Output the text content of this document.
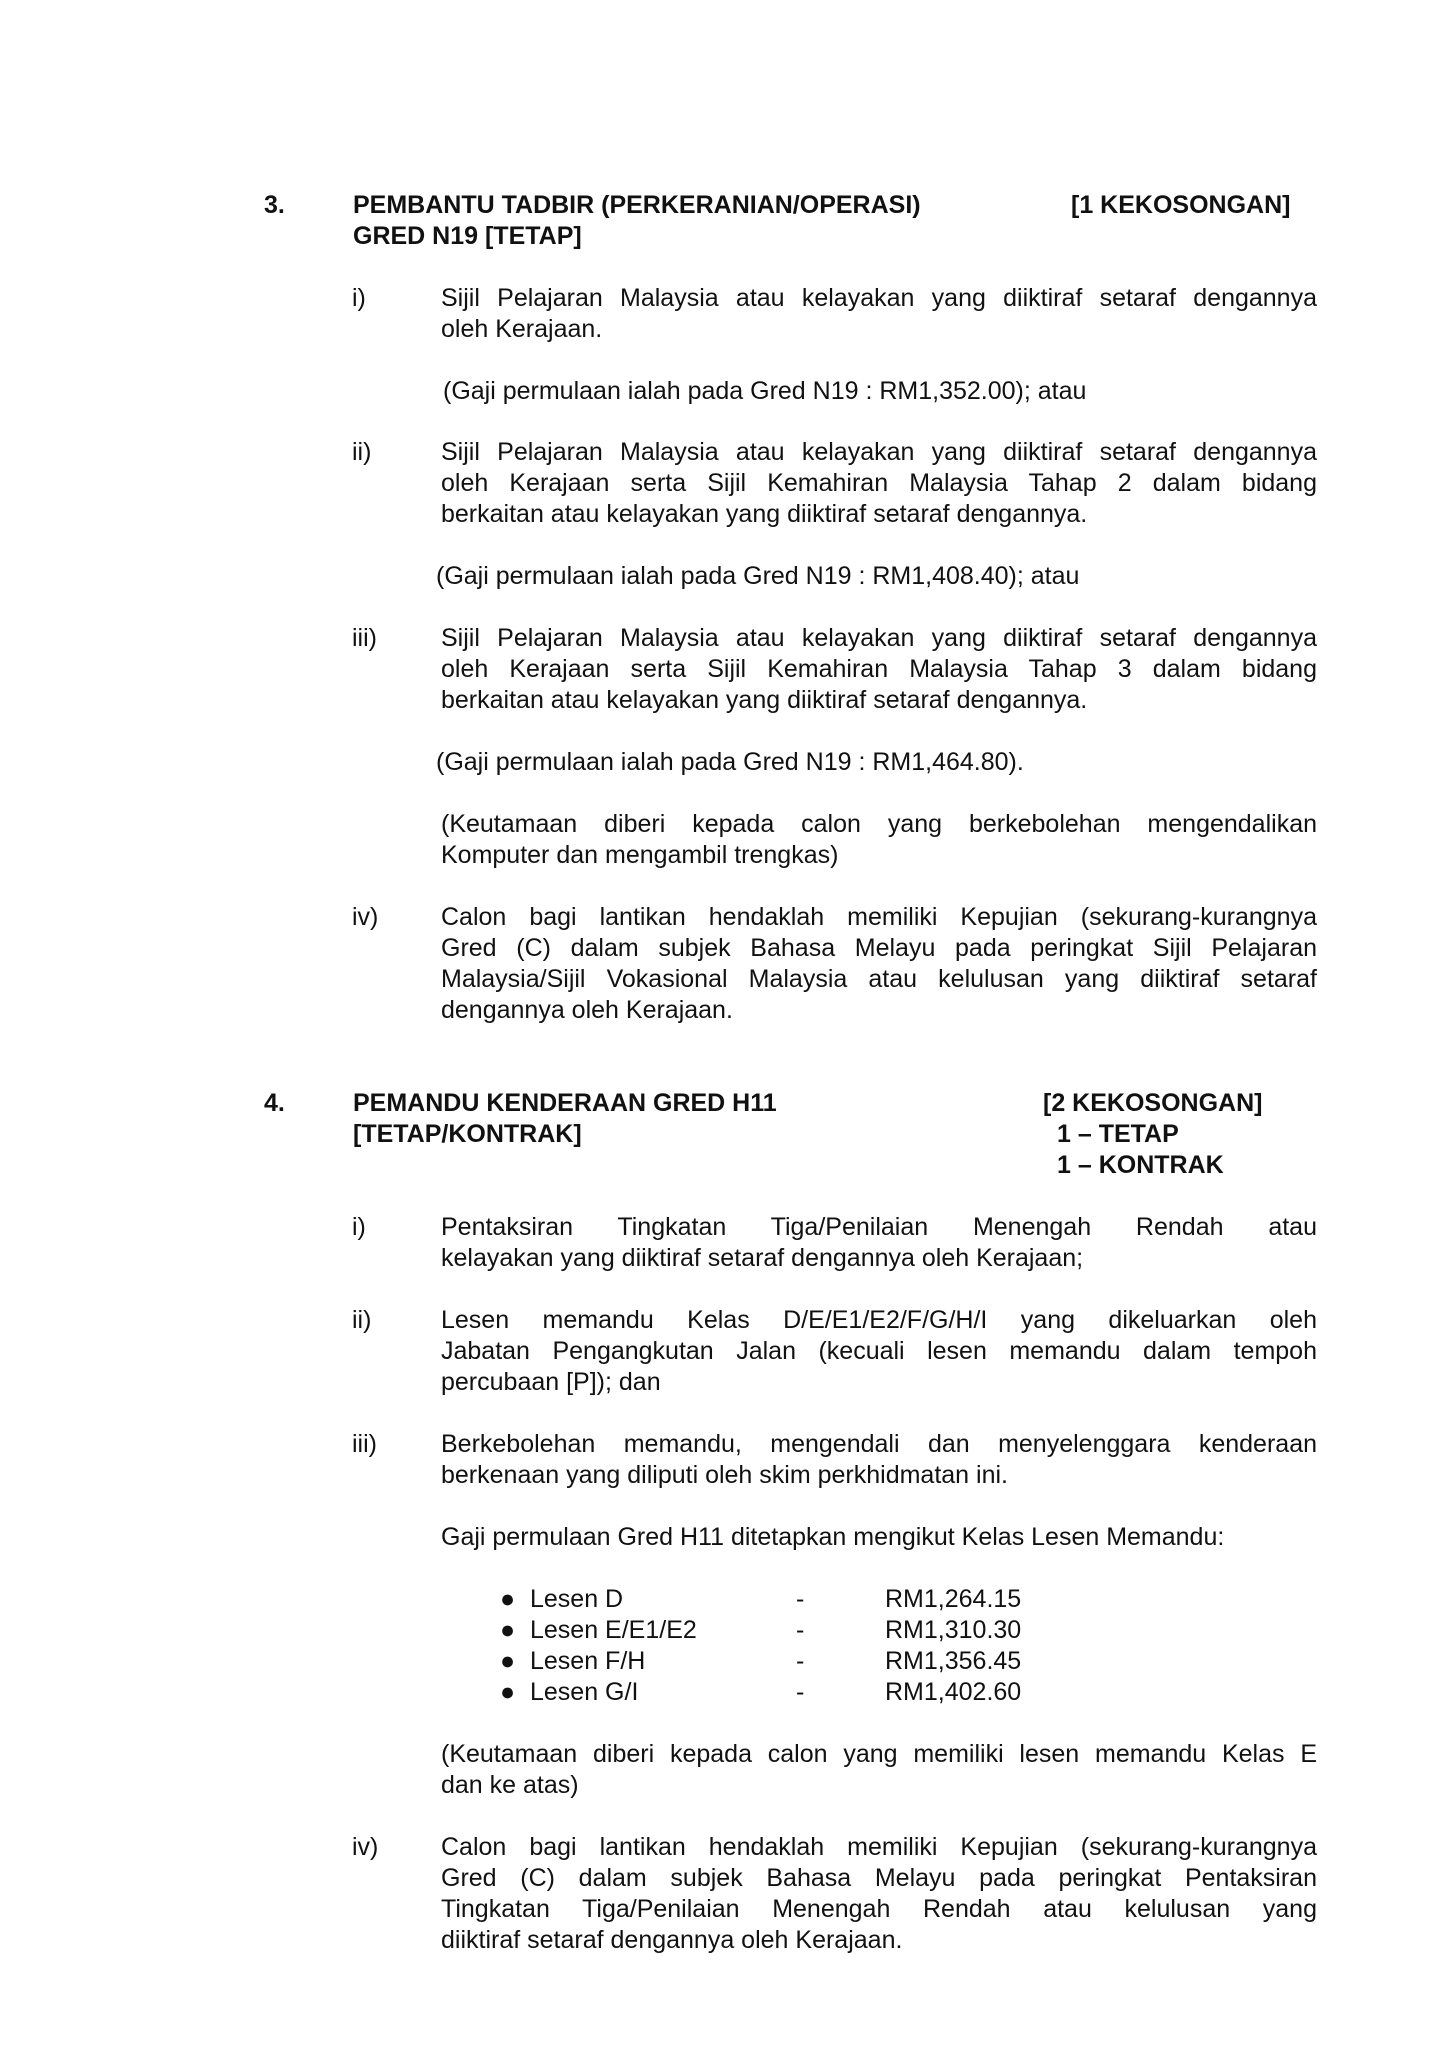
3.	PEMBANTU TADBIR (PERKERANIAN/OPERASI)
GRED N19 [TETAP]
[1 KEKOSONGAN]
i)	Sijil Pelajaran Malaysia atau kelayakan yang diiktiraf setaraf dengannya
oleh Kerajaan.
(Gaji permulaan ialah pada Gred N19 : RM1,352.00); atau
ii)	Sijil Pelajaran Malaysia atau kelayakan yang diiktiraf setaraf dengannya
oleh Kerajaan serta Sijil Kemahiran Malaysia Tahap 2 dalam bidang
berkaitan atau kelayakan yang diiktiraf setaraf dengannya.
(Gaji permulaan ialah pada Gred N19 : RM1,408.40); atau
iii)	Sijil Pelajaran Malaysia atau kelayakan yang diiktiraf setaraf dengannya
oleh Kerajaan serta Sijil Kemahiran Malaysia Tahap 3 dalam bidang
berkaitan atau kelayakan yang diiktiraf setaraf dengannya.
(Gaji permulaan ialah pada Gred N19 : RM1,464.80).
(Keutamaan diberi kepada calon yang berkebolehan mengendalikan
Komputer dan mengambil trengkas)
iv)	Calon bagi lantikan hendaklah memiliki Kepujian (sekurang-kurangnya
Gred (C) dalam subjek Bahasa Melayu pada peringkat Sijil Pelajaran
Malaysia/Sijil Vokasional Malaysia atau kelulusan yang diiktiraf setaraf
dengannya oleh Kerajaan.
4.	PEMANDU KENDERAAN GRED H11
[TETAP/KONTRAK]
[2 KEKOSONGAN]
1 – TETAP
1 – KONTRAK
i)	Pentaksiran Tingkatan Tiga/Penilaian Menengah Rendah atau
kelayakan yang diiktiraf setaraf dengannya oleh Kerajaan;
ii)	Lesen memandu Kelas D/E/E1/E2/F/G/H/I yang dikeluarkan oleh
Jabatan Pengangkutan Jalan (kecuali lesen memandu dalam tempoh
percubaan [P]); dan
iii)	Berkebolehan memandu, mengendali dan menyelenggara kenderaan
berkenaan yang diliputi oleh skim perkhidmatan ini.
Gaji permulaan Gred H11 ditetapkan mengikut Kelas Lesen Memandu:
● Lesen D	-	RM1,264.15
● Lesen E/E1/E2	-	RM1,310.30
● Lesen F/H	-	RM1,356.45
● Lesen G/I	-	RM1,402.60
(Keutamaan diberi kepada calon yang memiliki lesen memandu Kelas E
dan ke atas)
iv)	Calon bagi lantikan hendaklah memiliki Kepujian (sekurang-kurangnya
Gred (C) dalam subjek Bahasa Melayu pada peringkat Pentaksiran
Tingkatan Tiga/Penilaian Menengah Rendah atau kelulusan yang
diiktiraf setaraf dengannya oleh Kerajaan.
